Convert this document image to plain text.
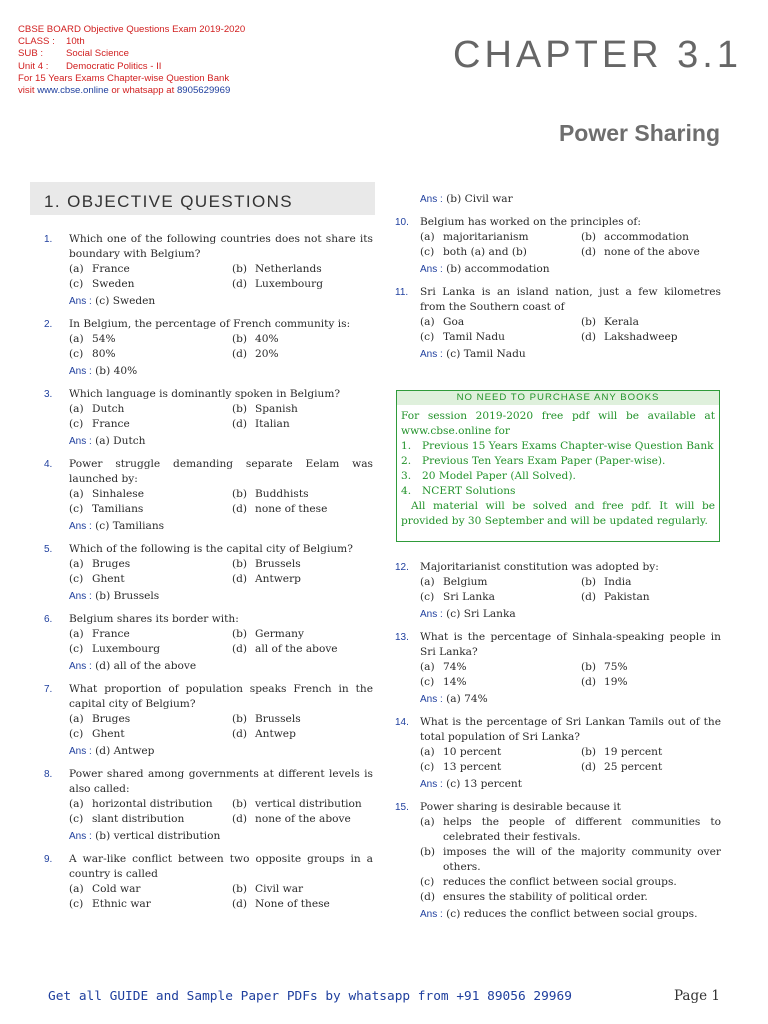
CBSE BOARD Objective Questions Exam 2019-2020
CLASS : 10th
SUB : Social Science
Unit 4 : Democratic Politics - II
For 15 Years Exams Chapter-wise Question Bank
visit www.cbse.online or whatsapp at 8905629969
CHAPTER 3.1
Power Sharing
1. OBJECTIVE QUESTIONS
1. Which one of the following countries does not share its boundary with Belgium?
(a) France	(b) Netherlands
(c) Sweden	(d) Luxembourg
Ans : (c) Sweden
2. In Belgium, the percentage of French community is:
(a) 54%	(b) 40%
(c) 80%	(d) 20%
Ans : (b) 40%
3. Which language is dominantly spoken in Belgium?
(a) Dutch	(b) Spanish
(c) France	(d) Italian
Ans : (a) Dutch
4. Power struggle demanding separate Eelam was launched by:
(a) Sinhalese	(b) Buddhists
(c) Tamilians	(d) none of these
Ans : (c) Tamilians
5. Which of the following is the capital city of Belgium?
(a) Bruges	(b) Brussels
(c) Ghent	(d) Antwerp
Ans : (b) Brussels
6. Belgium shares its border with:
(a) France	(b) Germany
(c) Luxembourg	(d) all of the above
Ans : (d) all of the above
7. What proportion of population speaks French in the capital city of Belgium?
(a) Bruges	(b) Brussels
(c) Ghent	(d) Antwep
Ans : (d) Antwep
8. Power shared among governments at different levels is also called:
(a) horizontal distribution	(b) vertical distribution
(c) slant distribution	(d) none of the above
Ans : (b) vertical distribution
9. A war-like conflict between two opposite groups in a country is called
(a) Cold war	(b) Civil war
(c) Ethnic war	(d) None of these
Ans : (b) Civil war
10. Belgium has worked on the principles of:
(a) majoritarianism	(b) accommodation
(c) both (a) and (b)	(d) none of the above
Ans : (b) accommodation
11. Sri Lanka is an island nation, just a few kilometres from the Southern coast of
(a) Goa	(b) Kerala
(c) Tamil Nadu	(d) Lakshadweep
Ans : (c) Tamil Nadu
NO NEED TO PURCHASE ANY BOOKS
For session 2019-2020 free pdf will be available at www.cbse.online for
1. Previous 15 Years Exams Chapter-wise Question Bank
2. Previous Ten Years Exam Paper (Paper-wise).
3. 20 Model Paper (All Solved).
4. NCERT Solutions
All material will be solved and free pdf. It will be provided by 30 September and will be updated regularly.
12. Majoritarianist constitution was adopted by:
(a) Belgium	(b) India
(c) Sri Lanka	(d) Pakistan
Ans : (c) Sri Lanka
13. What is the percentage of Sinhala-speaking people in Sri Lanka?
(a) 74%	(b) 75%
(c) 14%	(d) 19%
Ans : (a) 74%
14. What is the percentage of Sri Lankan Tamils out of the total population of Sri Lanka?
(a) 10 percent	(b) 19 percent
(c) 13 percent	(d) 25 percent
Ans : (c) 13 percent
15. Power sharing is desirable because it
(a) helps the people of different communities to celebrated their festivals.
(b) imposes the will of the majority community over others.
(c) reduces the conflict between social groups.
(d) ensures the stability of political order.
Ans : (c) reduces the conflict between social groups.
Get all GUIDE and Sample Paper PDFs by whatsapp from +91 89056 29969	Page 1
